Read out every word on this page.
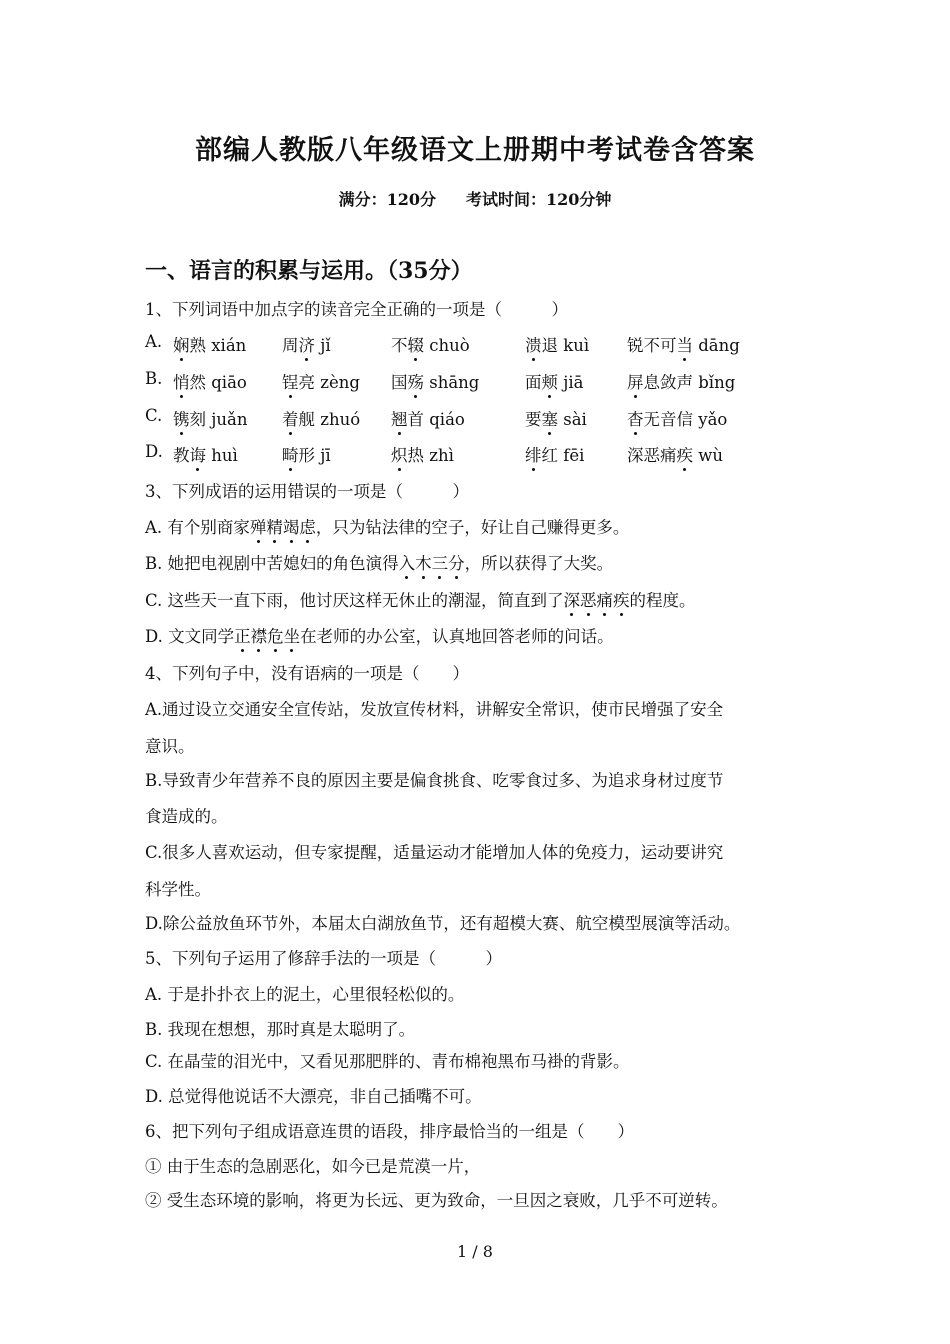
部编人教版八年级语文上册期中考试卷含答案
满分：120分 考试时间：120分钟
一、语言的积累与运用。（35分）
1、下列词语中加点字的读音完全正确的一项是（　　　）
A. 娴熟 xián 周济 jǐ	不辍 chuò	溃退 kuì 锐不可当 dāng
B. 悄然 qiāo 锃亮 zèng 国殇 shāng	面颊 jiā	屏息敛声 bǐng
C. 镌刻 juǎn 着舰 zhuó 翘首 qiáo	要塞 sài 杳无音信 yǎo
D. 教诲 huì	畸形 jī	炽热 zhì	绯红 fēi	深恶痛疾 wù
3、下列成语的运用错误的一项是（　　　）
A. 有个别商家殚精竭虑，只为钻法律的空子，好让自己赚得更多。
B. 她把电视剧中苦媳妇的角色演得入木三分，所以获得了大奖。
C. 这些天一直下雨，他讨厌这样无休止的潮湿，简直到了深恶痛疾的程度。
D. 文文同学正襟危坐在老师的办公室，认真地回答老师的问话。
4、下列句子中，没有语病的一项是（　　）
A.通过设立交通安全宣传站，发放宣传材料，讲解安全常识，使市民增强了安全
意识。
B.导致青少年营养不良的原因主要是偏食挑食、吃零食过多、为追求身材过度节
食造成的。
C.很多人喜欢运动，但专家提醒，适量运动才能增加人体的免疫力，运动要讲究
科学性。
D.除公益放鱼环节外，本届太白湖放鱼节，还有超模大赛、航空模型展演等活动。
5、下列句子运用了修辞手法的一项是（　　　）
A. 于是扑扑衣上的泥土，心里很轻松似的。
B. 我现在想想，那时真是太聪明了。
C. 在晶莹的泪光中，又看见那肥胖的、青布棉袍黑布马褂的背影。
D. 总觉得他说话不大漂亮，非自己插嘴不可。
6、把下列句子组成语意连贯的语段，排序最恰当的一组是（　　）
① 由于生态的急剧恶化，如今已是荒漠一片，
② 受生态环境的影响，将更为长远、更为致命，一旦因之衰败，几乎不可逆转。
1 / 8
